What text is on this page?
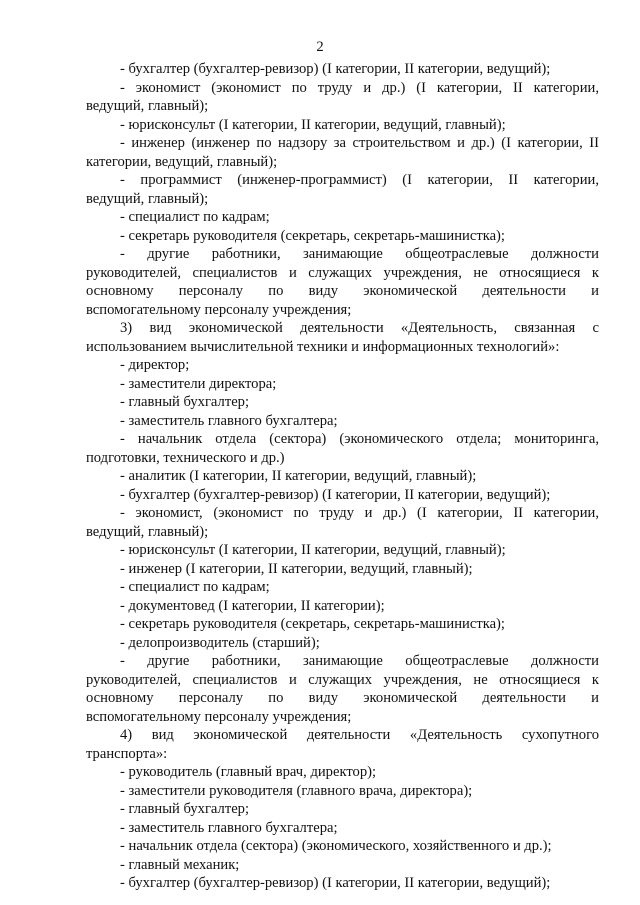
2
- бухгалтер (бухгалтер-ревизор) (I категории, II категории, ведущий);
- экономист (экономист по труду и др.) (I категории, II категории,
ведущий, главный);
- юрисконсульт (I категории, II категории, ведущий, главный);
- инженер (инженер по надзору за строительством и др.) (I категории, II
категории, ведущий, главный);
- программист (инженер-программист) (I категории, II категории,
ведущий, главный);
- специалист по кадрам;
- секретарь руководителя (секретарь, секретарь-машинистка);
- другие работники, занимающие общеотраслевые должности
руководителей, специалистов и служащих учреждения, не относящиеся к
основному персоналу по виду экономической деятельности и
вспомогательному персоналу учреждения;
3) вид экономической деятельности «Деятельность, связанная с
использованием вычислительной техники и информационных технологий»:
- директор;
- заместители директора;
- главный бухгалтер;
- заместитель главного бухгалтера;
- начальник отдела (сектора) (экономического отдела; мониторинга,
подготовки, технического и др.)
- аналитик (I категории, II категории, ведущий, главный);
- бухгалтер (бухгалтер-ревизор) (I категории, II категории, ведущий);
- экономист, (экономист по труду и др.) (I категории, II категории,
ведущий, главный);
- юрисконсульт (I категории, II категории, ведущий, главный);
- инженер (I категории, II категории, ведущий, главный);
- специалист по кадрам;
- документовед (I категории, II категории);
- секретарь руководителя (секретарь, секретарь-машинистка);
- делопроизводитель (старший);
- другие работники, занимающие общеотраслевые должности
руководителей, специалистов и служащих учреждения, не относящиеся к
основному персоналу по виду экономической деятельности и
вспомогательному персоналу учреждения;
4) вид экономической деятельности «Деятельность сухопутного
транспорта»:
- руководитель (главный врач, директор);
- заместители руководителя (главного врача, директора);
- главный бухгалтер;
- заместитель главного бухгалтера;
- начальник отдела (сектора) (экономического, хозяйственного и др.);
- главный механик;
- бухгалтер (бухгалтер-ревизор) (I категории, II категории, ведущий);
